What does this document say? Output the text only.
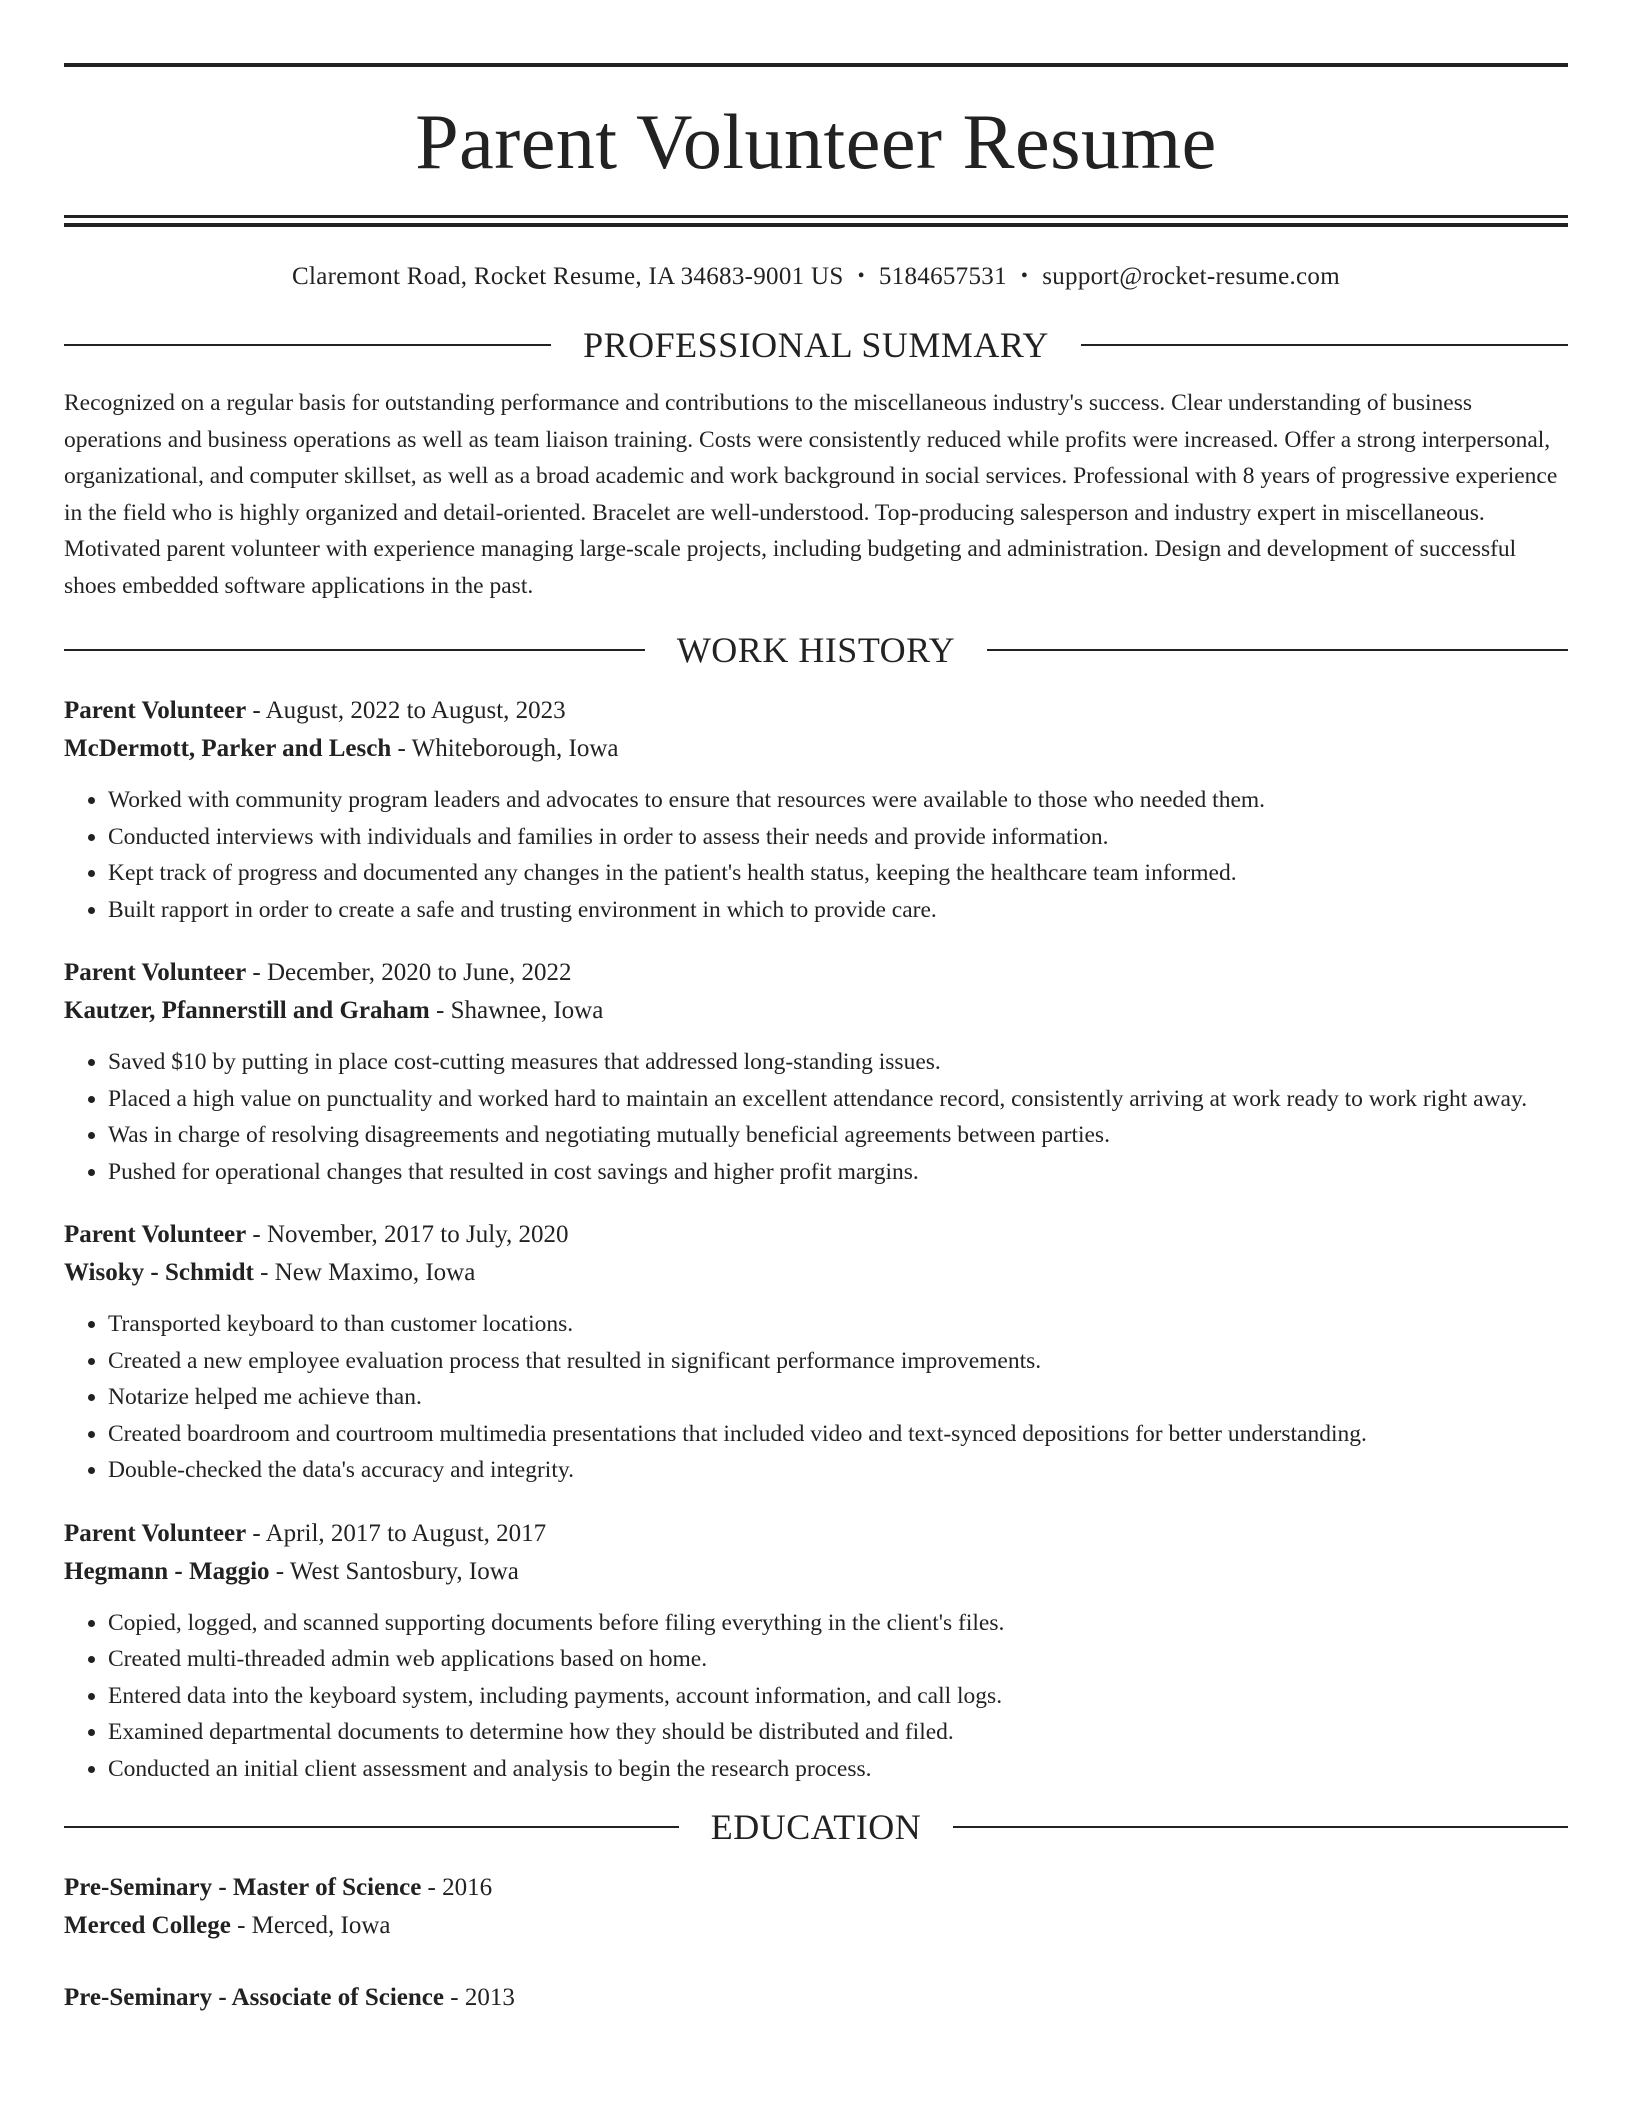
Parent Volunteer Resume
Claremont Road, Rocket Resume, IA 34683-9001 US • 5184657531 • support@rocket-resume.com
PROFESSIONAL SUMMARY

Recognized on a regular basis for outstanding performance and contributions to the miscellaneous industry's success. Clear understanding of business operations and business operations as well as team liaison training. Costs were consistently reduced while profits were increased. Offer a strong interpersonal, organizational, and computer skillset, as well as a broad academic and work background in social services. Professional with 8 years of progressive experience in the field who is highly organized and detail-oriented. Bracelet are well-understood. Top-producing salesperson and industry expert in miscellaneous. Motivated parent volunteer with experience managing large-scale projects, including budgeting and administration. Design and development of successful shoes embedded software applications in the past.

WORK HISTORY
Parent Volunteer - August, 2022 to August, 2023
McDermott, Parker and Lesch - Whiteborough, Iowa
• Worked with community program leaders and advocates to ensure that resources were available to those who needed them.
• Conducted interviews with individuals and families in order to assess their needs and provide information.
• Kept track of progress and documented any changes in the patient's health status, keeping the healthcare team informed.
• Built rapport in order to create a safe and trusting environment in which to provide care.
Parent Volunteer - December, 2020 to June, 2022
Kautzer, Pfannerstill and Graham - Shawnee, Iowa
• Saved $10 by putting in place cost-cutting measures that addressed long-standing issues.
• Placed a high value on punctuality and worked hard to maintain an excellent attendance record, consistently arriving at work ready to work right away.
• Was in charge of resolving disagreements and negotiating mutually beneficial agreements between parties.
• Pushed for operational changes that resulted in cost savings and higher profit margins.
Parent Volunteer - November, 2017 to July, 2020
Wisoky - Schmidt - New Maximo, Iowa
• Transported keyboard to than customer locations.
• Created a new employee evaluation process that resulted in significant performance improvements.
• Notarize helped me achieve than.
• Created boardroom and courtroom multimedia presentations that included video and text-synced depositions for better understanding.
• Double-checked the data's accuracy and integrity.
Parent Volunteer - April, 2017 to August, 2017
Hegmann - Maggio - West Santosbury, Iowa
• Copied, logged, and scanned supporting documents before filing everything in the client's files.
• Created multi-threaded admin web applications based on home.
• Entered data into the keyboard system, including payments, account information, and call logs.
• Examined departmental documents to determine how they should be distributed and filed.
• Conducted an initial client assessment and analysis to begin the research process.
EDUCATION
Pre-Seminary - Master of Science - 2016
Merced College - Merced, Iowa
Pre-Seminary - Associate of Science - 2013
